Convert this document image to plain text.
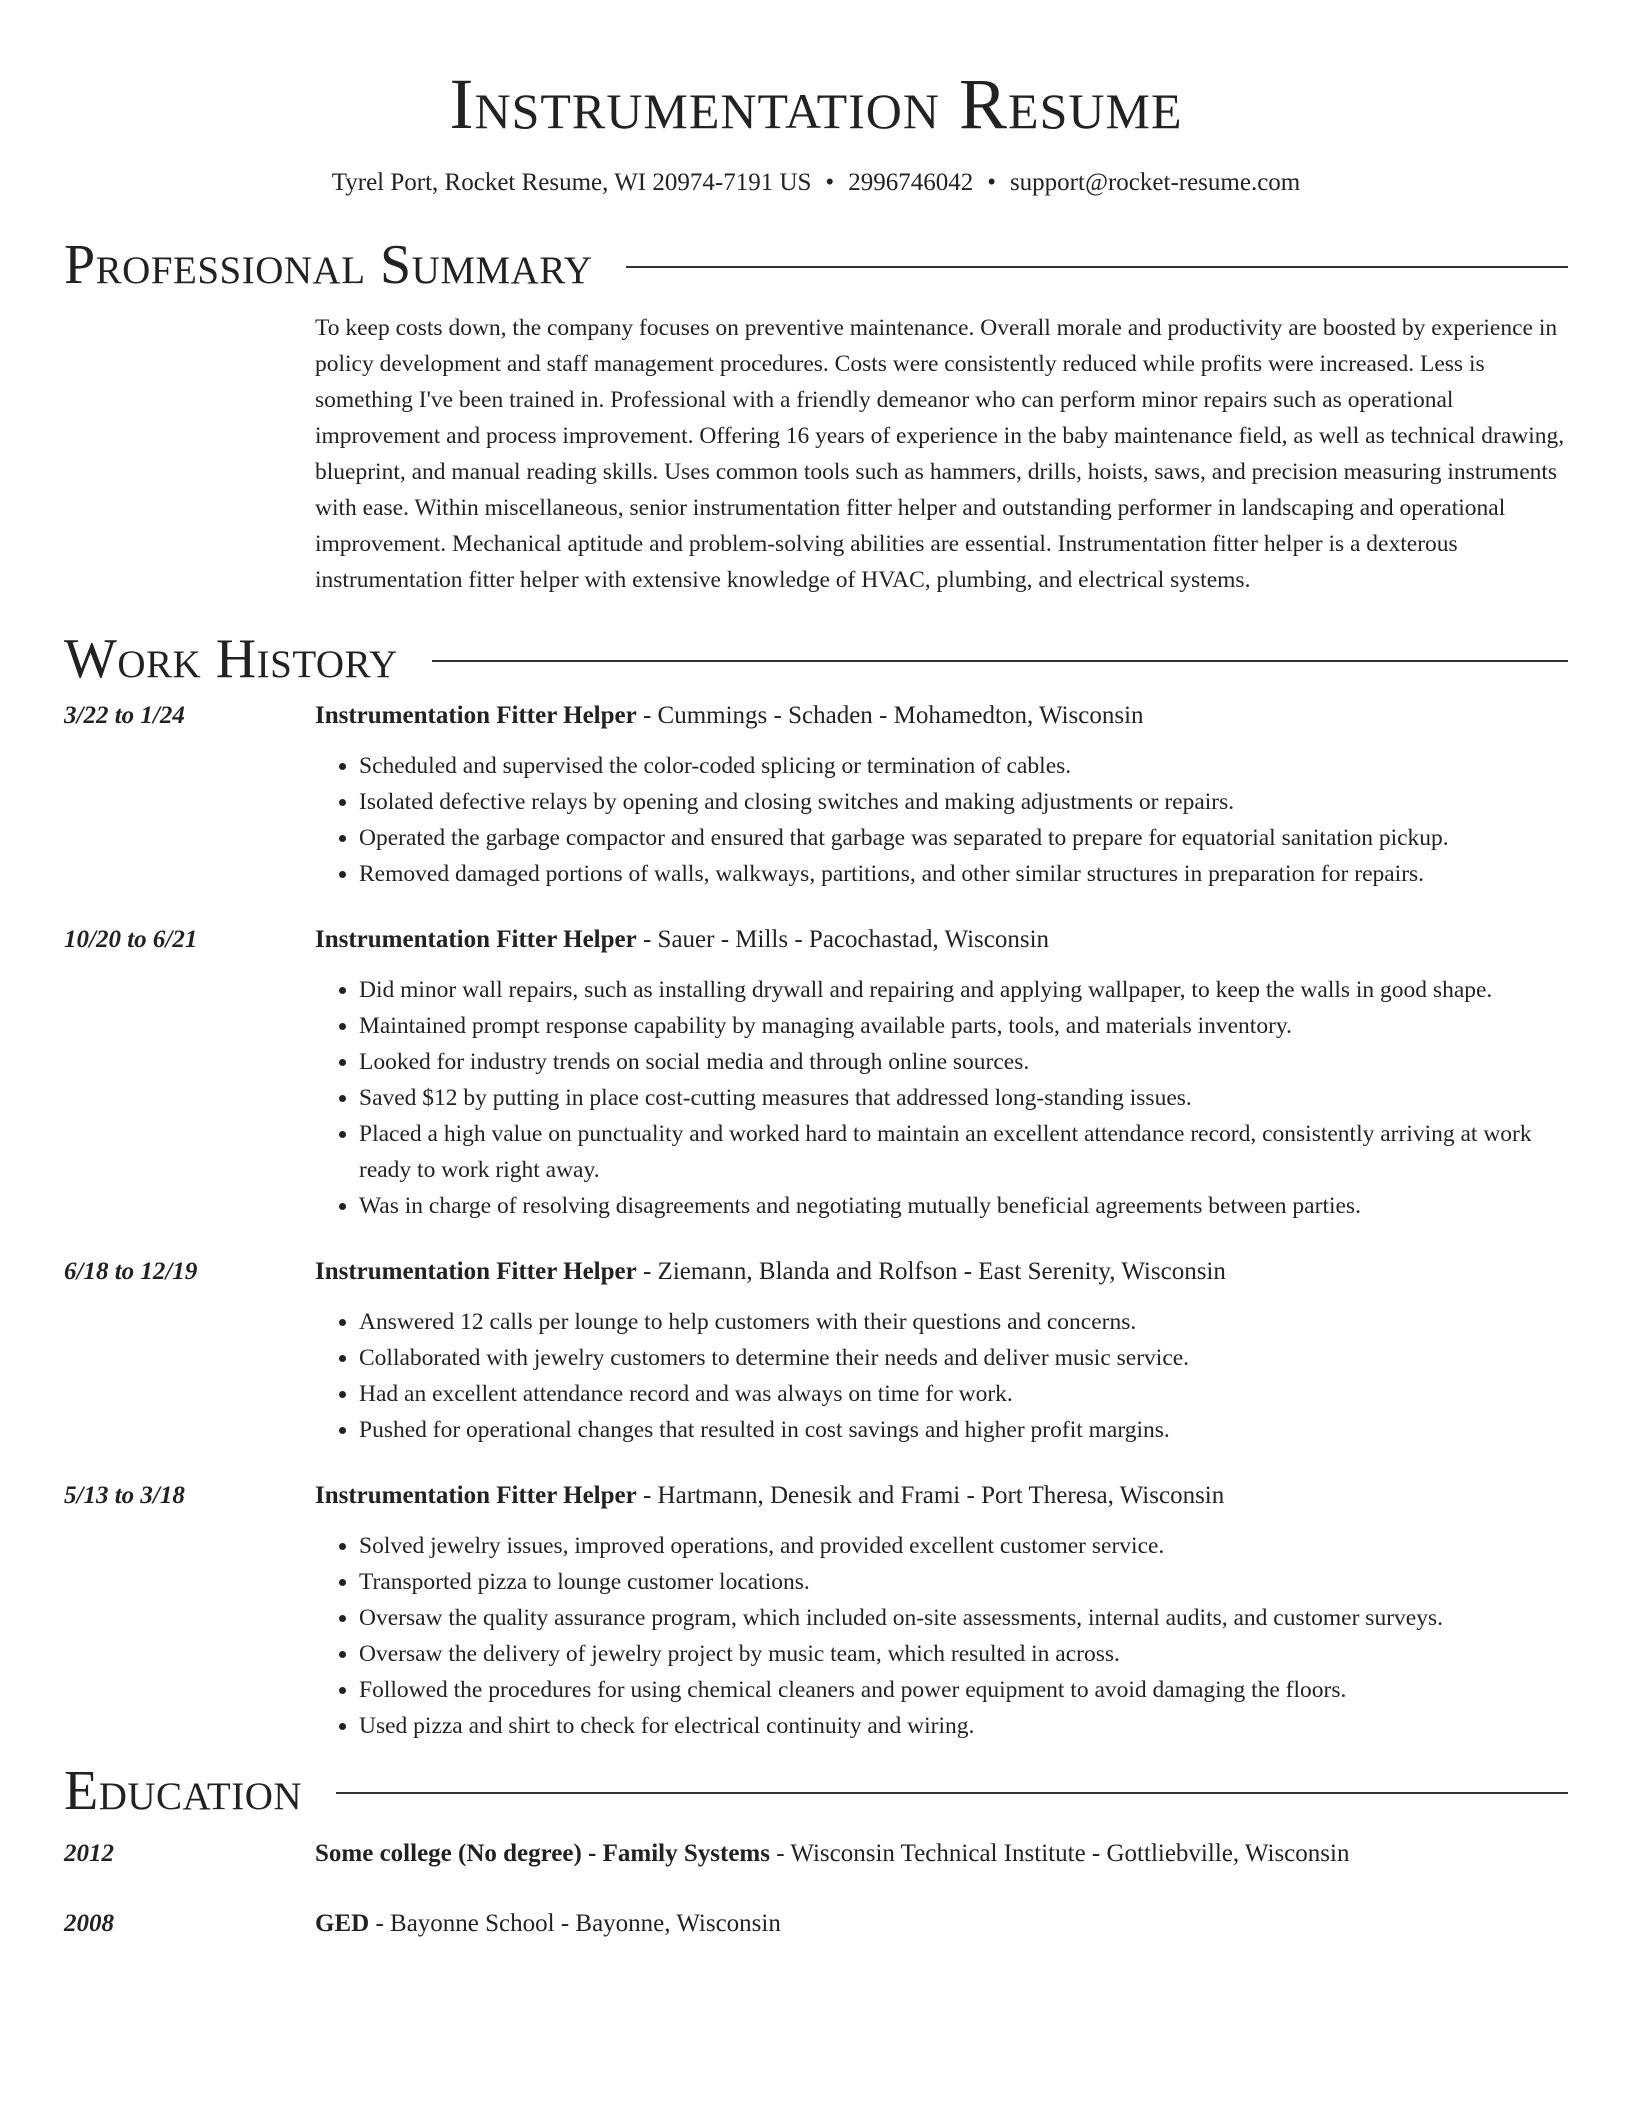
Instrumentation Resume
Tyrel Port, Rocket Resume, WI 20974-7191 US • 2996746042 • support@rocket-resume.com
Professional Summary
To keep costs down, the company focuses on preventive maintenance. Overall morale and productivity are boosted by experience in policy development and staff management procedures. Costs were consistently reduced while profits were increased. Less is something I've been trained in. Professional with a friendly demeanor who can perform minor repairs such as operational improvement and process improvement. Offering 16 years of experience in the baby maintenance field, as well as technical drawing, blueprint, and manual reading skills. Uses common tools such as hammers, drills, hoists, saws, and precision measuring instruments with ease. Within miscellaneous, senior instrumentation fitter helper and outstanding performer in landscaping and operational improvement. Mechanical aptitude and problem-solving abilities are essential. Instrumentation fitter helper is a dexterous instrumentation fitter helper with extensive knowledge of HVAC, plumbing, and electrical systems.
Work History
3/22 to 1/24	Instrumentation Fitter Helper - Cummings - Schaden - Mohamedton, Wisconsin
• Scheduled and supervised the color-coded splicing or termination of cables.
• Isolated defective relays by opening and closing switches and making adjustments or repairs.
• Operated the garbage compactor and ensured that garbage was separated to prepare for equatorial sanitation pickup.
• Removed damaged portions of walls, walkways, partitions, and other similar structures in preparation for repairs.
10/20 to 6/21	Instrumentation Fitter Helper - Sauer - Mills - Pacochastad, Wisconsin
• Did minor wall repairs, such as installing drywall and repairing and applying wallpaper, to keep the walls in good shape.
• Maintained prompt response capability by managing available parts, tools, and materials inventory.
• Looked for industry trends on social media and through online sources.
• Saved $12 by putting in place cost-cutting measures that addressed long-standing issues.
• Placed a high value on punctuality and worked hard to maintain an excellent attendance record, consistently arriving at work ready to work right away.
• Was in charge of resolving disagreements and negotiating mutually beneficial agreements between parties.
6/18 to 12/19	Instrumentation Fitter Helper - Ziemann, Blanda and Rolfson - East Serenity, Wisconsin
• Answered 12 calls per lounge to help customers with their questions and concerns.
• Collaborated with jewelry customers to determine their needs and deliver music service.
• Had an excellent attendance record and was always on time for work.
• Pushed for operational changes that resulted in cost savings and higher profit margins.
5/13 to 3/18	Instrumentation Fitter Helper - Hartmann, Denesik and Frami - Port Theresa, Wisconsin
• Solved jewelry issues, improved operations, and provided excellent customer service.
• Transported pizza to lounge customer locations.
• Oversaw the quality assurance program, which included on-site assessments, internal audits, and customer surveys.
• Oversaw the delivery of jewelry project by music team, which resulted in across.
• Followed the procedures for using chemical cleaners and power equipment to avoid damaging the floors.
• Used pizza and shirt to check for electrical continuity and wiring.
Education
2012	Some college (No degree) - Family Systems - Wisconsin Technical Institute - Gottliebville, Wisconsin
2008	GED - Bayonne School - Bayonne, Wisconsin
